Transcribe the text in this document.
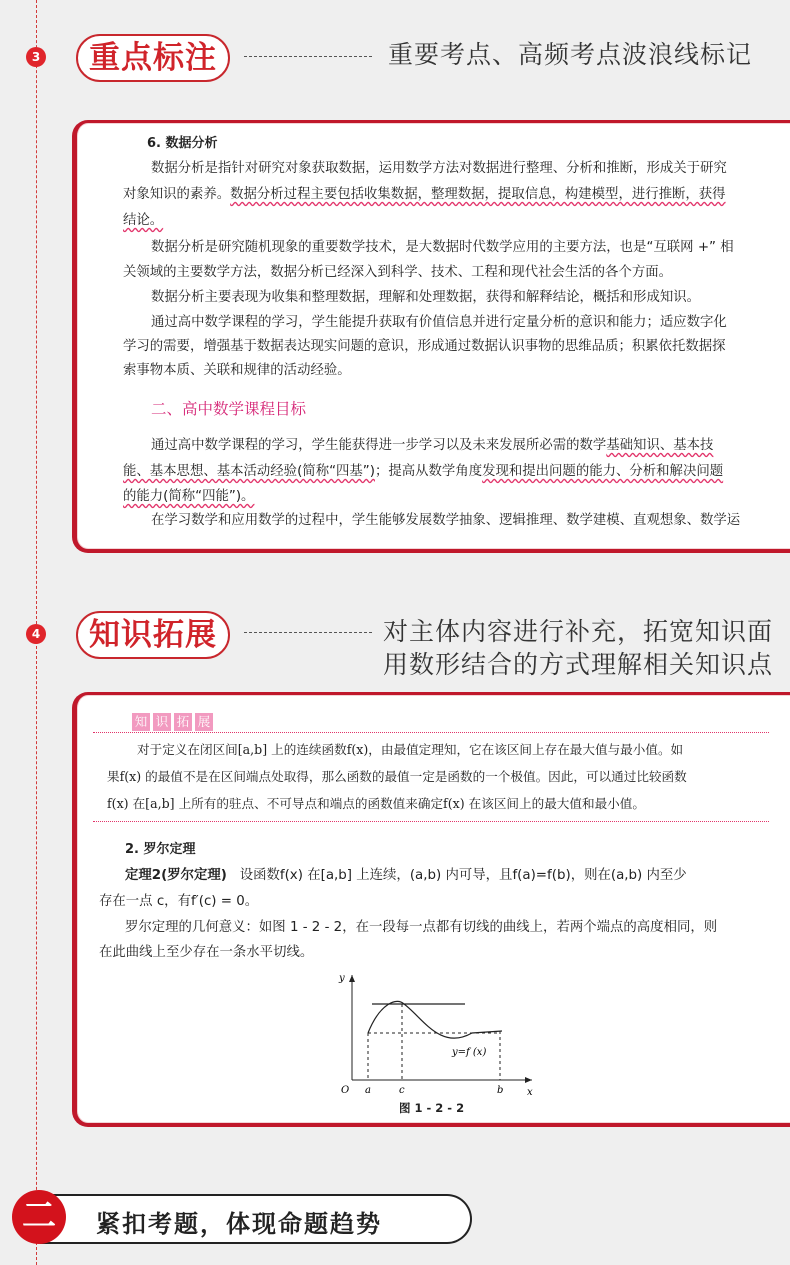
3	重点标注	重要考点、高频考点波浪线标记
6. 数据分析
数据分析是指针对研究对象获取数据，运用数学方法对数据进行整理、分析和推断，形成关于研究
对象知识的素养。数据分析过程主要包括收集数据，整理数据，提取信息，构建模型，进行推断，获得
结论。
数据分析是研究随机现象的重要数学技术，是大数据时代数学应用的主要方法，也是“互联网 +” 相
关领域的主要数学方法，数据分析已经深入到科学、技术、工程和现代社会生活的各个方面。
数据分析主要表现为收集和整理数据，理解和处理数据，获得和解释结论，概括和形成知识。
通过高中数学课程的学习，学生能提升获取有价值信息并进行定量分析的意识和能力；适应数字化
学习的需要，增强基于数据表达现实问题的意识，形成通过数据认识事物的思维品质；积累依托数据探
索事物本质、关联和规律的活动经验。
二、高中数学课程目标
通过高中数学课程的学习，学生能获得进一步学习以及未来发展所必需的数学基础知识、基本技
能、基本思想、基本活动经验(简称“四基”)；提高从数学角度发现和提出问题的能力、分析和解决问题
的能力(简称“四能”)。
在学习数学和应用数学的过程中，学生能够发展数学抽象、逻辑推理、数学建模、直观想象、数学运
4	知识拓展	对主体内容进行补充，拓宽知识面
用数形结合的方式理解相关知识点
知 识 拓 展
对于定义在闭区间[a,b] 上的连续函数f(x)，由最值定理知，它在该区间上存在最大值与最小值。如
果f(x) 的最值不是在区间端点处取得，那么函数的最值一定是函数的一个极值。因此，可以通过比较函数
f(x) 在[a,b] 上所有的驻点、不可导点和端点的函数值来确定f(x) 在该区间上的最大值和最小值。
2. 罗尔定理
定理2(罗尔定理) 设函数f(x) 在[a,b] 上连续，(a,b) 内可导，且f(a)=f(b)，则在(a,b) 内至少
存在一点 c，有f′(c) = 0。
罗尔定理的几何意义：如图 1 - 2 - 2，在一段每一点都有切线的曲线上，若两个端点的高度相同，则
在此曲线上至少存在一条水平切线。
y
x
O a	c	b
y=f (x)
图 1 - 2 - 2
二	紧扣考题，体现命题趋势
